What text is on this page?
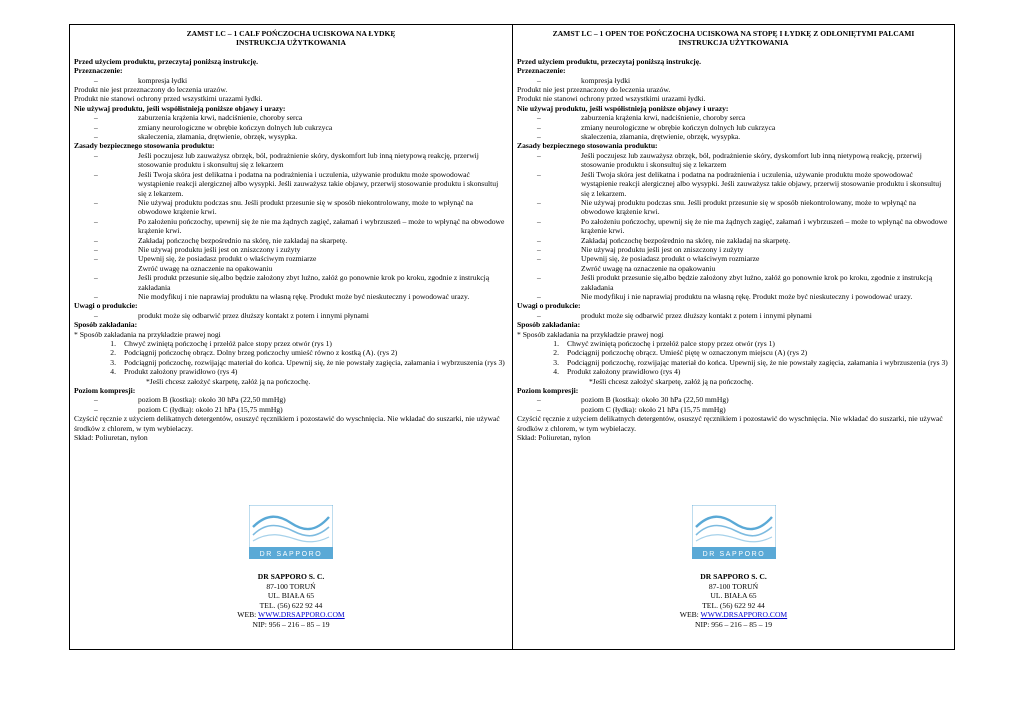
ZAMST LC – 1 CALF POŃCZOCHA UCISKOWA NA ŁYDKĘ
INSTRUKCJA UŻYTKOWANIA
Przed użyciem produktu, przeczytaj poniższą instrukcję.
Przeznaczenie:
–	kompresja łydki
Produkt nie jest przeznaczony do leczenia urazów.
Produkt nie stanowi ochrony przed wszystkimi urazami łydki.
Nie używaj produktu, jeśli współistnieją poniższe objawy i urazy:
–	zaburzenia krążenia krwi, nadciśnienie, choroby serca
–	zmiany neurologiczne w obrębie kończyn dolnych lub cukrzyca
–	skaleczenia, złamania, drętwienie, obrzęk, wysypka.
Zasady bezpiecznego stosowania produktu:
–	Jeśli poczujesz lub zauważysz obrzęk, ból, podrażnienie skóry, dyskomfort lub inną nietypową reakcję, przerwij stosowanie produktu i skonsultuj się z lekarzem
–	Jeśli Twoja skóra jest delikatna i podatna na podrażnienia i uczulenia, używanie produktu może spowodować wystąpienie reakcji alergicznej albo wysypki. Jeśli zauważysz takie objawy, przerwij stosowanie produktu i skonsultuj się z lekarzem.
–	Nie używaj produktu podczas snu. Jeśli produkt przesunie się w sposób niekontrolowany, może to wpłynąć na obwodowe krążenie krwi.
–	Po założeniu pończochy, upewnij się że nie ma żądnych zagięć, załamań i wybrzuszeń – może to wpłynąć na obwodowe krążenie krwi.
–	Zakładaj pończochę bezpośrednio na skórę, nie zakładaj na skarpetę.
–	Nie używaj produktu jeśli jest on zniszczony i zużyty
–	Upewnij się, że posiadasz produkt o właściwym rozmiarze
Zwróć uwagę na oznaczenie na opakowaniu
–	Jeśli produkt przesunie się,albo będzie założony zbyt luźno, załóż go ponownie krok po kroku, zgodnie z instrukcją zakładania
–	Nie modyfikuj i nie naprawiaj produktu na własną rękę. Produkt może być nieskuteczny i powodować urazy.
Uwagi o produkcie:
–	produkt może się odbarwić przez dłuższy kontakt z potem i innymi płynami
Sposób zakładania:
* Sposób zakładania na przykładzie prawej nogi
1.	Chwyć zwiniętą pończochę i przełóż palce stopy przez otwór (rys 1)
2.	Podciągnij pończochę obrącz. Dolny brzeg pończochy umieść równo z kostką (A). (rys 2)
3.	Podciągnij pończochę, rozwijając materiał do końca. Upewnij się, że nie powstały zagięcia, załamania i wybrzuszenia (rys 3)
4.	Produkt założony prawidłowo (rys 4)
*Jeśli chcesz założyć skarpetę, załóż ją na pończochę.
Poziom kompresji:
–	poziom B (kostka): około 30 hPa (22,50 mmHg)
–	poziom C (łydka): około 21 hPa (15,75 mmHg)
Czyścić ręcznie z użyciem delikatnych detergentów, osuszyć ręcznikiem i pozostawić do wyschnięcia. Nie wkładać do suszarki, nie używać środków z chlorem, w tym wybielaczy.
Skład: Poliuretan, nylon
DR SAPPORO
DR SAPPORO S. C.
87-100 TORUŃ
UL. BIAŁA 65
TEL. (56) 622 92 44
WEB: WWW.DRSAPPORO.COM
NIP: 956 – 216 – 85 – 19
ZAMST LC – 1 OPEN TOE POŃCZOCHA UCISKOWA NA STOPĘ I ŁYDKĘ Z ODŁONIĘTYMI PALCAMI
INSTRUKCJA UŻYTKOWANIA
Przed użyciem produktu, przeczytaj poniższą instrukcję.
Przeznaczenie:
–	kompresja łydki
Produkt nie jest przeznaczony do leczenia urazów.
Produkt nie stanowi ochrony przed wszystkimi urazami łydki.
Nie używaj produktu, jeśli współistnieją poniższe objawy i urazy:
–	zaburzenia krążenia krwi, nadciśnienie, choroby serca
–	zmiany neurologiczne w obrębie kończyn dolnych lub cukrzyca
–	skaleczenia, złamania, drętwienie, obrzęk, wysypka.
Zasady bezpiecznego stosowania produktu:
–	Jeśli poczujesz lub zauważysz obrzęk, ból, podrażnienie skóry, dyskomfort lub inną nietypową reakcję, przerwij stosowanie produktu i skonsultuj się z lekarzem
–	Jeśli Twoja skóra jest delikatna i podatna na podrażnienia i uczulenia, używanie produktu może spowodować wystąpienie reakcji alergicznej albo wysypki. Jeśli zauważysz takie objawy, przerwij stosowanie produktu i skonsultuj się z lekarzem.
–	Nie używaj produktu podczas snu. Jeśli produkt przesunie się w sposób niekontrolowany, może to wpłynąć na obwodowe krążenie krwi.
–	Po założeniu pończochy, upewnij się że nie ma żądnych zagięć, załamań i wybrzuszeń – może to wpłynąć na obwodowe krążenie krwi.
–	Zakładaj pończochę bezpośrednio na skórę, nie zakładaj na skarpetę.
–	Nie używaj produktu jeśli jest on zniszczony i zużyty
–	Upewnij się, że posiadasz produkt o właściwym rozmiarze
Zwróć uwagę na oznaczenie na opakowaniu
–	Jeśli produkt przesunie się,albo będzie założony zbyt luźno, załóż go ponownie krok po kroku, zgodnie z instrukcją zakładania
–	Nie modyfikuj i nie naprawiaj produktu na własną rękę. Produkt może być nieskuteczny i powodować urazy.
Uwagi o produkcie:
–	produkt może się odbarwić przez dłuższy kontakt z potem i innymi płynami
Sposób zakładania:
* Sposób zakładania na przykładzie prawej nogi
1.	Chwyć zwiniętą pończochę i przełóż palce stopy przez otwór (rys 1)
2.	Podciągnij pończochę obrącz. Umieść piętę w oznaczonym miejscu (A) (rys 2)
3.	Podciągnij pończochę, rozwijając materiał do końca. Upewnij się, że nie powstały zagięcia, załamania i wybrzuszenia (rys 3)
4.	Produkt założony prawidłowo (rys 4)
*Jeśli chcesz założyć skarpetę, załóż ją na pończochę.
Poziom kompresji:
–	poziom B (kostka): około 30 hPa (22,50 mmHg)
–	poziom C (łydka): około 21 hPa (15,75 mmHg)
Czyścić ręcznie z użyciem delikatnych detergentów, osuszyć ręcznikiem i pozostawić do wyschnięcia. Nie wkładać do suszarki, nie używać środków z chlorem, w tym wybielaczy.
Skład: Poliuretan, nylon
DR SAPPORO
DR SAPPORO S. C.
87-100 TORUŃ
UL. BIAŁA 65
TEL. (56) 622 92 44
WEB: WWW.DRSAPPORO.COM
NIP: 956 – 216 – 85 – 19
